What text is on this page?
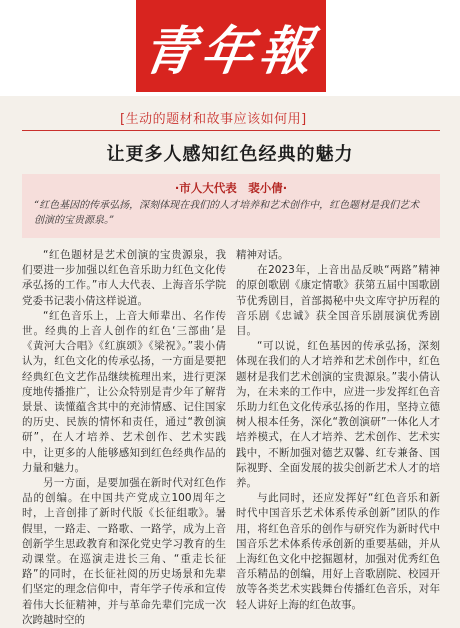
青年報
[生动的题材和故事应该如何用]
让更多人感知红色经典的魅力
·市人大代表　裴小倩·
“红色基因的传承弘扬，深刻体现在我们的人才培养和艺术创作中，红色题材是我们艺术创演的宝贵源泉。”

“红色题材是艺术创演的宝贵源泉，我们要进一步加强以红色音乐助力红色文化传承弘扬的工作。”市人大代表、上海音乐学院党委书记裴小倩这样说道。

“红色音乐上，上音大师辈出、名作传世。经典的上音人创作的红色‘三部曲’是《黄河大合唱》《红旗颂》《梁祝》。”裴小倩认为，红色文化的传承弘扬，一方面是要把经典红色文艺作品继续梳理出来，进行更深度地传播推广，让公众特别是青少年了解背景景、读懂蕴含其中的充沛情感、记住国家的历史、民族的情怀和责任，通过“教创演研”，在人才培养、艺术创作、艺术实践中，让更多的人能够感知到红色经典作品的力量和魅力。

另一方面，是要加强在新时代对红色作品的创编。在中国共产党成立100周年之时，上音创排了新时代版《长征组歌》。暑假里，一路走、一路歌、一路学，成为上音创新学生思政教育和深化党史学习教育的生动课堂。在巡演走进长三角、“重走长征路”的同时，在长征社阅的历史场景和先辈们坚定的理念信仰中，青年学子传承和宣传着伟大长征精神，并与革命先辈们完成一次次跨越时空的

精神对话。

在2023年，上音出品反映“两路”精神的原创歌剧《康定情歌》获第五届中国歌剧节优秀剧目，首部揭秘中央文库守护历程的音乐剧《忠诚》获全国音乐剧展演优秀剧目。

“可以说，红色基因的传承弘扬，深刻体现在我们的人才培养和艺术创作中，红色题材是我们艺术创演的宝贵源泉。”裴小倩认为，在未来的工作中，应进一步发挥红色音乐助力红色文化传承弘扬的作用，坚持立德树人根本任务，深化“教创演研”一体化人才培养模式，在人才培养、艺术创作、艺术实践中，不断加强对德艺双馨、红专兼备、国际视野、全面发展的拔尖创新艺术人才的培养。

与此同时，还应发挥好“红色音乐和新时代中国音乐艺术体系传承创新”团队的作用，将红色音乐的创作与研究作为新时代中国音乐艺术体系传承创新的重要基础，并从上海红色文化中挖掘题材，加强对优秀红色音乐精品的创编，用好上音歌剧院、校园开放等各类艺术实践舞台传播红色音乐，对年轻人讲好上海的红色故事。
